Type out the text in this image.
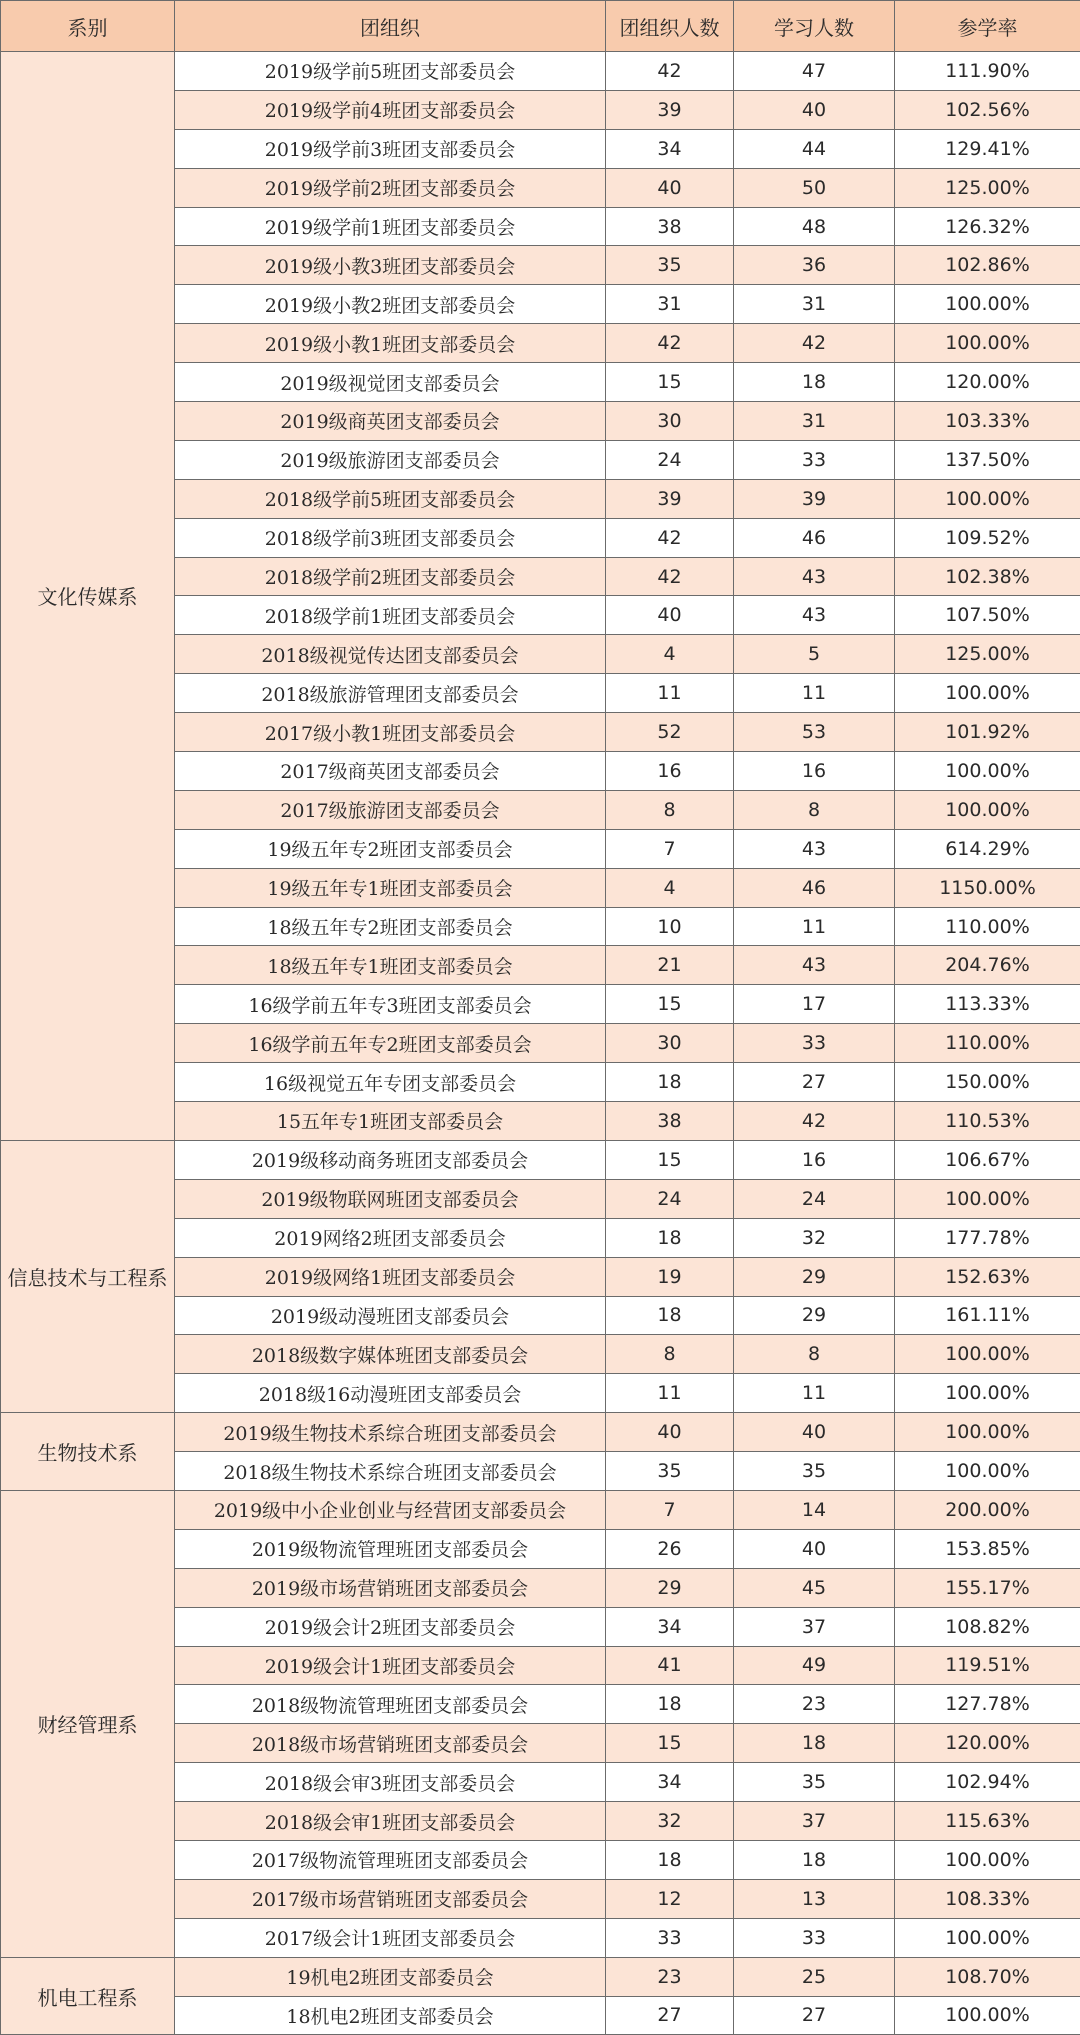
系别	团组织	团组织人数	学习人数	参学率
文化传媒系	2019级学前5班团支部委员会	42	47	111.90%
	2019级学前4班团支部委员会	39	40	102.56%
	2019级学前3班团支部委员会	34	44	129.41%
	2019级学前2班团支部委员会	40	50	125.00%
	2019级学前1班团支部委员会	38	48	126.32%
	2019级小教3班团支部委员会	35	36	102.86%
	2019级小教2班团支部委员会	31	31	100.00%
	2019级小教1班团支部委员会	42	42	100.00%
	2019级视觉团支部委员会	15	18	120.00%
	2019级商英团支部委员会	30	31	103.33%
	2019级旅游团支部委员会	24	33	137.50%
	2018级学前5班团支部委员会	39	39	100.00%
	2018级学前3班团支部委员会	42	46	109.52%
	2018级学前2班团支部委员会	42	43	102.38%
	2018级学前1班团支部委员会	40	43	107.50%
	2018级视觉传达团支部委员会	4	5	125.00%
	2018级旅游管理团支部委员会	11	11	100.00%
	2017级小教1班团支部委员会	52	53	101.92%
	2017级商英团支部委员会	16	16	100.00%
	2017级旅游团支部委员会	8	8	100.00%
	19级五年专2班团支部委员会	7	43	614.29%
	19级五年专1班团支部委员会	4	46	1150.00%
	18级五年专2班团支部委员会	10	11	110.00%
	18级五年专1班团支部委员会	21	43	204.76%
	16级学前五年专3班团支部委员会	15	17	113.33%
	16级学前五年专2班团支部委员会	30	33	110.00%
	16级视觉五年专团支部委员会	18	27	150.00%
	15五年专1班团支部委员会	38	42	110.53%
信息技术与工程系	2019级移动商务班团支部委员会	15	16	106.67%
	2019级物联网班团支部委员会	24	24	100.00%
	2019网络2班团支部委员会	18	32	177.78%
	2019级网络1班团支部委员会	19	29	152.63%
	2019级动漫班团支部委员会	18	29	161.11%
	2018级数字媒体班团支部委员会	8	8	100.00%
	2018级16动漫班团支部委员会	11	11	100.00%
生物技术系	2019级生物技术系综合班团支部委员会	40	40	100.00%
	2018级生物技术系综合班团支部委员会	35	35	100.00%
财经管理系	2019级中小企业创业与经营团支部委员会	7	14	200.00%
	2019级物流管理班团支部委员会	26	40	153.85%
	2019级市场营销班团支部委员会	29	45	155.17%
	2019级会计2班团支部委员会	34	37	108.82%
	2019级会计1班团支部委员会	41	49	119.51%
	2018级物流管理班团支部委员会	18	23	127.78%
	2018级市场营销班团支部委员会	15	18	120.00%
	2018级会审3班团支部委员会	34	35	102.94%
	2018级会审1班团支部委员会	32	37	115.63%
	2017级物流管理班团支部委员会	18	18	100.00%
	2017级市场营销班团支部委员会	12	13	108.33%
	2017级会计1班团支部委员会	33	33	100.00%
机电工程系	19机电2班团支部委员会	23	25	108.70%
	18机电2班团支部委员会	27	27	100.00%
